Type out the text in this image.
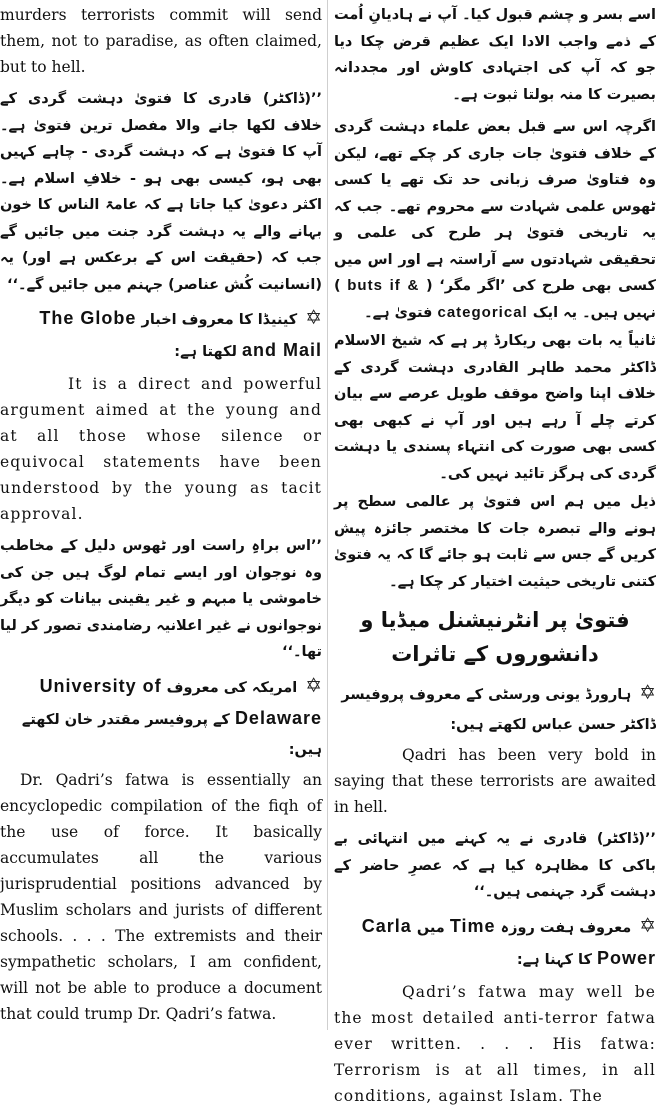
murders terrorists commit will send them, not to paradise, as often claimed, but to hell.

’’(ڈاکٹر) قادری کا فتویٰ دہشت گردی کے خلاف لکھا جانے والا مفصل ترین فتویٰ ہے۔ آپ کا فتویٰ ہے کہ دہشت گردی - چاہے کہیں بھی ہو، کیسی بھی ہو - خلافِ اسلام ہے۔ اکثر دعویٰ کیا جاتا ہے کہ عامۃ الناس کا خون بہانے والے یہ دہشت گرد جنت میں جائیں گے جب کہ (حقیقت اس کے برعکس ہے اور) یہ (انسانیت کُش عناصر) جہنم میں جائیں گے۔‘‘

✡کینیڈا کا معروف اخبار The Globe
and Mail لکھتا ہے:

It is a direct and powerful argument aimed at the young and at all those whose silence or equivocal statements have been understood by the young as tacit approval.

’’اس براہِ راست اور ٹھوس دلیل کے مخاطب وہ نوجوان اور ایسے تمام لوگ ہیں جن کی خاموشی یا مبہم و غیر یقینی بیانات کو دیگر نوجوانوں نے غیر اعلانیہ رضامندی تصور کر لیا تھا۔‘‘

✡امریکہ کی معروف University of
Delaware کے پروفیسر مقتدر خان لکھتے ہیں:

Dr. Qadri’s fatwa is essentially an encyclopedic compilation of the fiqh of the use of force. It basically accumulates all the various jurisprudential positions advanced by Muslim scholars and jurists of different schools. . . . The extremists and their sympathetic scholars, I am confident, will not be able to produce a document that could trump Dr. Qadri’s fatwa.

اسے بسر و چشم قبول کیا۔ آپ نے ہادیانِ اُمت کے ذمے واجب الادا ایک عظیم قرض چکا دیا جو کہ آپ کی اجتہادی کاوش اور مجددانہ بصیرت کا منہ بولتا ثبوت ہے۔

اگرچہ اس سے قبل بعض علماء دہشت گردی کے خلاف فتویٰ جات جاری کر چکے تھے، لیکن وہ فتاویٰ صرف زبانی حد تک تھے یا کسی ٹھوس علمی شہادت سے محروم تھے۔ جب کہ یہ تاریخی فتویٰ ہر طرح کی علمی و تحقیقی شہادتوں سے آراستہ ہے اور اس میں کسی بھی طرح کی ’اگر مگر‘ ( if & buts ) نہیں ہیں۔ یہ ایک categorical فتویٰ ہے۔

ثانیاً یہ بات بھی ریکارڈ پر ہے کہ شیخ الاسلام ڈاکٹر محمد طاہر القادری دہشت گردی کے خلاف اپنا واضح موقف طویل عرصے سے بیان کرتے چلے آ رہے ہیں اور آپ نے کبھی بھی کسی بھی صورت کی انتہاء پسندی یا دہشت گردی کی ہرگز تائید نہیں کی۔

ذیل میں ہم اس فتویٰ پر عالمی سطح پر ہونے والے تبصرہ جات کا مختصر جائزہ پیش کریں گے جس سے ثابت ہو جائے گا کہ یہ فتویٰ کتنی تاریخی حیثیت اختیار کر چکا ہے۔

فتویٰ پر انٹرنیشنل میڈیا و دانشوروں کے تاثرات

✡ہارورڈ یونی ورسٹی کے معروف پروفیسر ڈاکٹر حسن عباس لکھتے ہیں:

Qadri has been very bold in saying that these terrorists are awaited in hell.

’’(ڈاکٹر) قادری نے یہ کہنے میں انتہائی بے باکی کا مظاہرہ کیا ہے کہ عصرِ حاضر کے دہشت گرد جہنمی ہیں۔‘‘

✡معروف ہفت روزہ Time میں Carla
Power کا کہنا ہے:

Qadri’s fatwa may well be the most detailed anti-terror fatwa ever written. . . . His fatwa: Terrorism is at all times, in all conditions, against Islam. The
